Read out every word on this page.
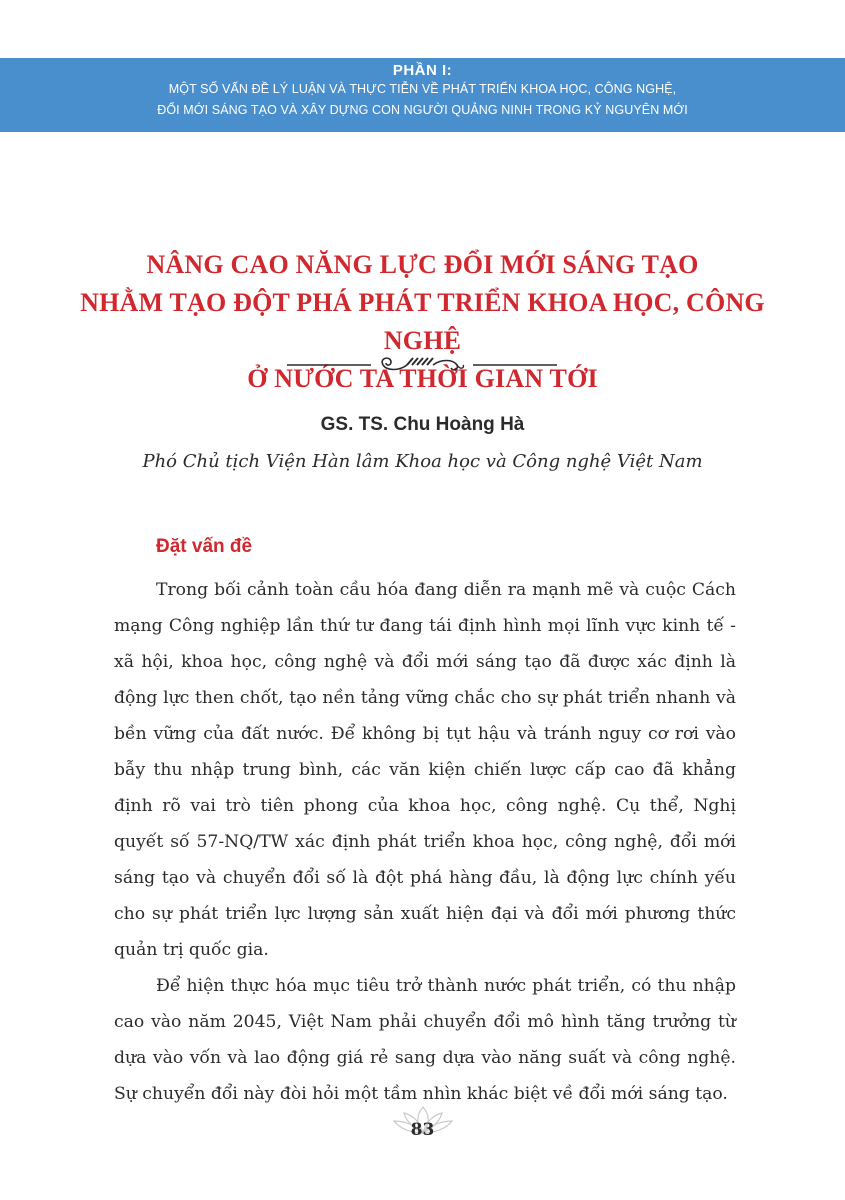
PHẦN I:
MỘT SỐ VẤN ĐỀ LÝ LUẬN VÀ THỰC TIỄN VỀ PHÁT TRIỂN KHOA HỌC, CÔNG NGHỆ,
ĐỔI MỚI SÁNG TẠO VÀ XÂY DỰNG CON NGƯỜI QUẢNG NINH TRONG KỶ NGUYÊN MỚI
NÂNG CAO NĂNG LỰC ĐỔI MỚI SÁNG TẠO
NHẰM TẠO ĐỘT PHÁ PHÁT TRIỂN KHOA HỌC, CÔNG NGHỆ
Ở NƯỚC TA THỜI GIAN TỚI
GS. TS. Chu Hoàng Hà
Phó Chủ tịch Viện Hàn lâm Khoa học và Công nghệ Việt Nam
Đặt vấn đề

Trong bối cảnh toàn cầu hóa đang diễn ra mạnh mẽ và cuộc Cách mạng Công nghiệp lần thứ tư đang tái định hình mọi lĩnh vực kinh tế - xã hội, khoa học, công nghệ và đổi mới sáng tạo đã được xác định là động lực then chốt, tạo nền tảng vững chắc cho sự phát triển nhanh và bền vững của đất nước. Để không bị tụt hậu và tránh nguy cơ rơi vào bẫy thu nhập trung bình, các văn kiện chiến lược cấp cao đã khẳng định rõ vai trò tiên phong của khoa học, công nghệ. Cụ thể, Nghị quyết số 57-NQ/TW xác định phát triển khoa học, công nghệ, đổi mới sáng tạo và chuyển đổi số là đột phá hàng đầu, là động lực chính yếu cho sự phát triển lực lượng sản xuất hiện đại và đổi mới phương thức quản trị quốc gia.

Để hiện thực hóa mục tiêu trở thành nước phát triển, có thu nhập cao vào năm 2045, Việt Nam phải chuyển đổi mô hình tăng trưởng từ dựa vào vốn và lao động giá rẻ sang dựa vào năng suất và công nghệ. Sự chuyển đổi này đòi hỏi một tầm nhìn khác biệt về đổi mới sáng tạo.

83
